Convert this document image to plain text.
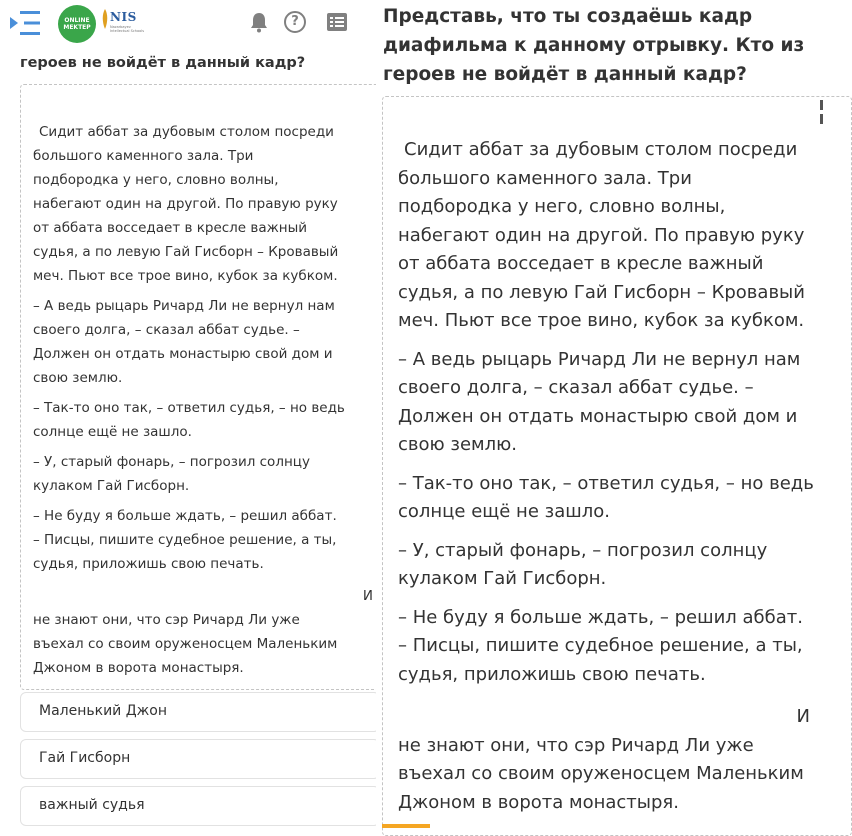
ONLINE MEKTEP
NIS
Nazarbayev Intellectual Schools
?
героев не войдёт в данный кадр?

Сидит аббат за дубовым столом посреди
большого каменного зала. Три
подбородка у него, словно волны,
набегают один на другой. По правую руку
от аббата восседает в кресле важный
судья, а по левую Гай Гисборн – Кровавый
меч. Пьют все трое вино, кубок за кубком.

– А ведь рыцарь Ричард Ли не вернул нам
своего долга, – сказал аббат судье. –
Должен он отдать монастырю свой дом и
свою землю.

– Так-то оно так, – ответил судья, – но ведь
солнце ещё не зашло.

– У, старый фонарь, – погрозил солнцу
кулаком Гай Гисборн.

– Не буду я больше ждать, – решил аббат.
– Писцы, пишите судебное решение, а ты,
судья, приложишь свою печать.

И

не знают они, что сэр Ричард Ли уже
въехал со своим оруженосцем Маленьким
Джоном в ворота монастыря.

Маленький Джон
Гай Гисборн
важный судья
Представь, что ты создаёшь кадр
диафильма к данному отрывку. Кто из
героев не войдёт в данный кадр?

Сидит аббат за дубовым столом посреди
большого каменного зала. Три
подбородка у него, словно волны,
набегают один на другой. По правую руку
от аббата восседает в кресле важный
судья, а по левую Гай Гисборн – Кровавый
меч. Пьют все трое вино, кубок за кубком.

– А ведь рыцарь Ричард Ли не вернул нам
своего долга, – сказал аббат судье. –
Должен он отдать монастырю свой дом и
свою землю.

– Так-то оно так, – ответил судья, – но ведь
солнце ещё не зашло.

– У, старый фонарь, – погрозил солнцу
кулаком Гай Гисборн.

– Не буду я больше ждать, – решил аббат.
– Писцы, пишите судебное решение, а ты,
судья, приложишь свою печать.

И

не знают они, что сэр Ричард Ли уже
въехал со своим оруженосцем Маленьким
Джоном в ворота монастыря.
